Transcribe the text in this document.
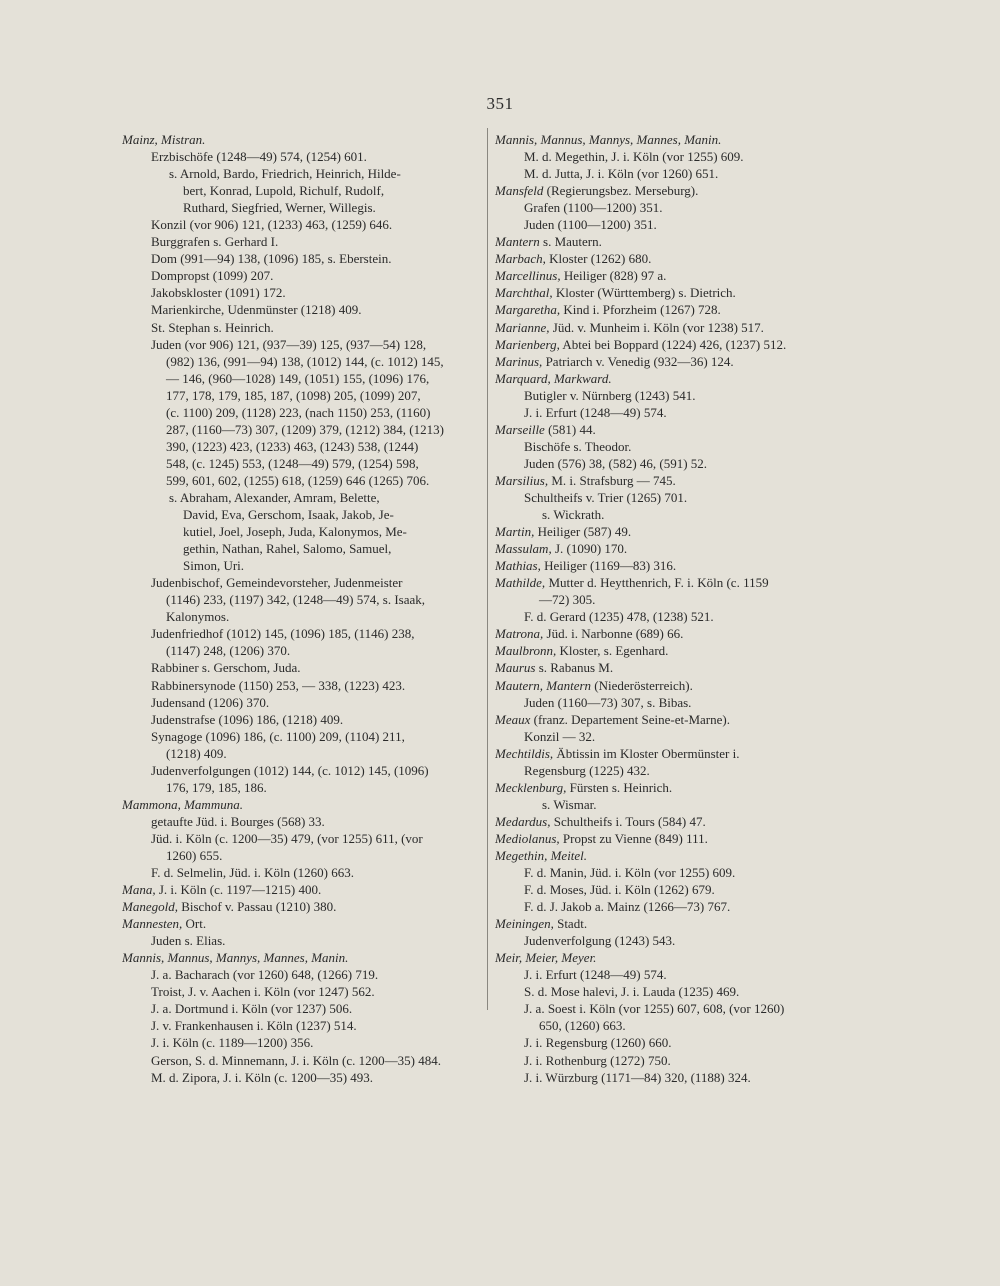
351
Mainz, Mistran.
Erzbischöfe (1248—49) 574, (1254) 601.
s. Arnold, Bardo, Friedrich, Heinrich, Hilde-
bert, Konrad, Lupold, Richulf, Rudolf,
Ruthard, Siegfried, Werner, Willegis.
Konzil (vor 906) 121, (1233) 463, (1259) 646.
Burggrafen s. Gerhard I.
Dom (991—94) 138, (1096) 185, s. Eberstein.
Dompropst (1099) 207.
Jakobskloster (1091) 172.
Marienkirche, Udenmünster (1218) 409.
St. Stephan s. Heinrich.
Juden (vor 906) 121, (937—39) 125, (937—54) 128,
(982) 136, (991—94) 138, (1012) 144, (c. 1012) 145,
— 146, (960—1028) 149, (1051) 155, (1096) 176,
177, 178, 179, 185, 187, (1098) 205, (1099) 207,
(c. 1100) 209, (1128) 223, (nach 1150) 253, (1160)
287, (1160—73) 307, (1209) 379, (1212) 384, (1213)
390, (1223) 423, (1233) 463, (1243) 538, (1244)
548, (c. 1245) 553, (1248—49) 579, (1254) 598,
599, 601, 602, (1255) 618, (1259) 646 (1265) 706.
s. Abraham, Alexander, Amram, Belette,
David, Eva, Gerschom, Isaak, Jakob, Je-
kutiel, Joel, Joseph, Juda, Kalonymos, Me-
gethin, Nathan, Rahel, Salomo, Samuel,
Simon, Uri.
Judenbischof, Gemeindevorsteher, Judenmeister
(1146) 233, (1197) 342, (1248—49) 574, s. Isaak,
Kalonymos.
Judenfriedhof (1012) 145, (1096) 185, (1146) 238,
(1147) 248, (1206) 370.
Rabbiner s. Gerschom, Juda.
Rabbinersynode (1150) 253, — 338, (1223) 423.
Judensand (1206) 370.
Judenstrafse (1096) 186, (1218) 409.
Synagoge (1096) 186, (c. 1100) 209, (1104) 211,
(1218) 409.
Judenverfolgungen (1012) 144, (c. 1012) 145, (1096)
176, 179, 185, 186.
Mammona, Mammuna.
getaufte Jüd. i. Bourges (568) 33.
Jüd. i. Köln (c. 1200—35) 479, (vor 1255) 611, (vor
1260) 655.
F. d. Selmelin, Jüd. i. Köln (1260) 663.
Mana, J. i. Köln (c. 1197—1215) 400.
Manegold, Bischof v. Passau (1210) 380.
Mannesten, Ort.
Juden s. Elias.
Mannis, Mannus, Mannys, Mannes, Manin.
J. a. Bacharach (vor 1260) 648, (1266) 719.
Troist, J. v. Aachen i. Köln (vor 1247) 562.
J. a. Dortmund i. Köln (vor 1237) 506.
J. v. Frankenhausen i. Köln (1237) 514.
J. i. Köln (c. 1189—1200) 356.
Gerson, S. d. Minnemann, J. i. Köln (c. 1200—35) 484.
M. d. Zipora, J. i. Köln (c. 1200—35) 493.
Mannis, Mannus, Mannys, Mannes, Manin.
M. d. Megethin, J. i. Köln (vor 1255) 609.
M. d. Jutta, J. i. Köln (vor 1260) 651.
Mansfeld (Regierungsbez. Merseburg).
Grafen (1100—1200) 351.
Juden (1100—1200) 351.
Mantern s. Mautern.
Marbach, Kloster (1262) 680.
Marcellinus, Heiliger (828) 97 a.
Marchthal, Kloster (Württemberg) s. Dietrich.
Margaretha, Kind i. Pforzheim (1267) 728.
Marianne, Jüd. v. Munheim i. Köln (vor 1238) 517.
Marienberg, Abtei bei Boppard (1224) 426, (1237) 512.
Marinus, Patriarch v. Venedig (932—36) 124.
Marquard, Markward.
Butigler v. Nürnberg (1243) 541.
J. i. Erfurt (1248—49) 574.
Marseille (581) 44.
Bischöfe s. Theodor.
Juden (576) 38, (582) 46, (591) 52.
Marsilius, M. i. Strafsburg — 745.
Schultheifs v. Trier (1265) 701.
s. Wickrath.
Martin, Heiliger (587) 49.
Massulam, J. (1090) 170.
Mathias, Heiliger (1169—83) 316.
Mathilde, Mutter d. Heytthenrich, F. i. Köln (c. 1159
—72) 305.
F. d. Gerard (1235) 478, (1238) 521.
Matrona, Jüd. i. Narbonne (689) 66.
Maulbronn, Kloster, s. Egenhard.
Maurus s. Rabanus M.
Mautern, Mantern (Niederösterreich).
Juden (1160—73) 307, s. Bibas.
Meaux (franz. Departement Seine-et-Marne).
Konzil — 32.
Mechtildis, Äbtissin im Kloster Obermünster i.
Regensburg (1225) 432.
Mecklenburg, Fürsten s. Heinrich.
s. Wismar.
Medardus, Schultheifs i. Tours (584) 47.
Mediolanus, Propst zu Vienne (849) 111.
Megethin, Meitel.
F. d. Manin, Jüd. i. Köln (vor 1255) 609.
F. d. Moses, Jüd. i. Köln (1262) 679.
F. d. J. Jakob a. Mainz (1266—73) 767.
Meiningen, Stadt.
Judenverfolgung (1243) 543.
Meir, Meier, Meyer.
J. i. Erfurt (1248—49) 574.
S. d. Mose halevi, J. i. Lauda (1235) 469.
J. a. Soest i. Köln (vor 1255) 607, 608, (vor 1260)
650, (1260) 663.
J. i. Regensburg (1260) 660.
J. i. Rothenburg (1272) 750.
J. i. Würzburg (1171—84) 320, (1188) 324.
